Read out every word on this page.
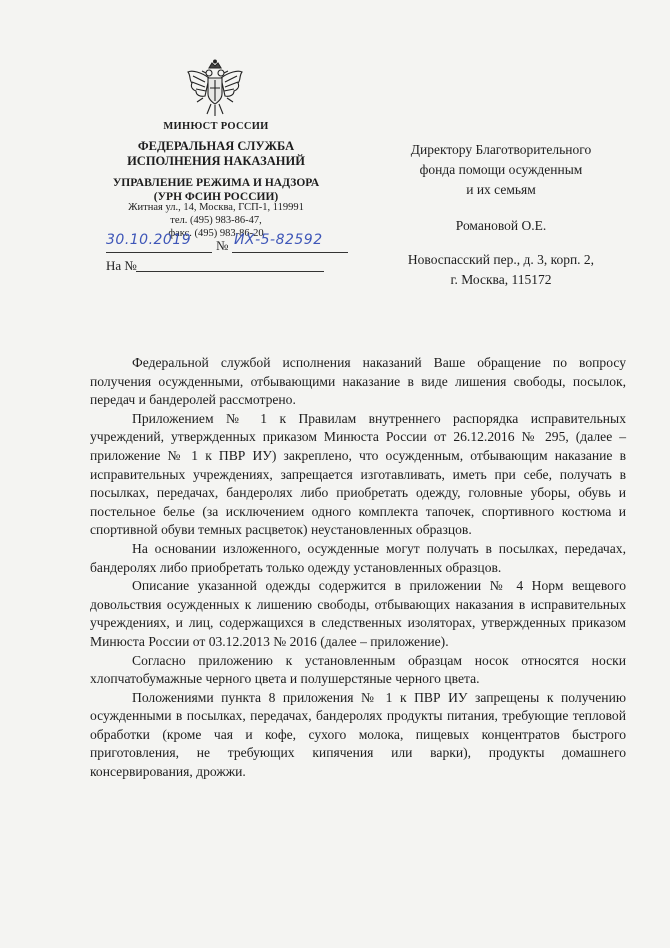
МИНЮСТ РОССИИ
ФЕДЕРАЛЬНАЯ СЛУЖБА
ИСПОЛНЕНИЯ НАКАЗАНИЙ
УПРАВЛЕНИЕ РЕЖИМА И НАДЗОРА
(УРН ФСИН РОССИИ)
Житная ул., 14, Москва, ГСП-1, 119991
тел. (495) 983-86-47,
факс. (495) 983-86-20
30.10.2019 № ИХ-5-82592
На №
Директору Благотворительного
фонда помощи осужденным
и их семьям
Романовой О.Е.
Новоспасский пер., д. 3, корп. 2,
г. Москва, 115172

Федеральной службой исполнения наказаний Ваше обращение по вопросу получения осужденными, отбывающими наказание в виде лишения свободы, посылок, передач и бандеролей рассмотрено.

Приложением № 1 к Правилам внутреннего распорядка исправительных учреждений, утвержденных приказом Минюста России от 26.12.2016 № 295, (далее – приложение № 1 к ПВР ИУ) закреплено, что осужденным, отбывающим наказание в исправительных учреждениях, запрещается изготавливать, иметь при себе, получать в посылках, передачах, бандеролях либо приобретать одежду, головные уборы, обувь и постельное белье (за исключением одного комплекта тапочек, спортивного костюма и спортивной обуви темных расцветок) неустановленных образцов.

На основании изложенного, осужденные могут получать в посылках, передачах, бандеролях либо приобретать только одежду установленных образцов.

Описание указанной одежды содержится в приложении № 4 Норм вещевого довольствия осужденных к лишению свободы, отбывающих наказания в исправительных учреждениях, и лиц, содержащихся в следственных изоляторах, утвержденных приказом Минюста России от 03.12.2013 № 2016 (далее – приложение).

Согласно приложению к установленным образцам носок относятся носки хлопчатобумажные черного цвета и полушерстяные черного цвета.

Положениями пункта 8 приложения № 1 к ПВР ИУ запрещены к получению осужденными в посылках, передачах, бандеролях продукты питания, требующие тепловой обработки (кроме чая и кофе, сухого молока, пищевых концентратов быстрого приготовления, не требующих кипячения или варки), продукты домашнего консервирования, дрожжи.
